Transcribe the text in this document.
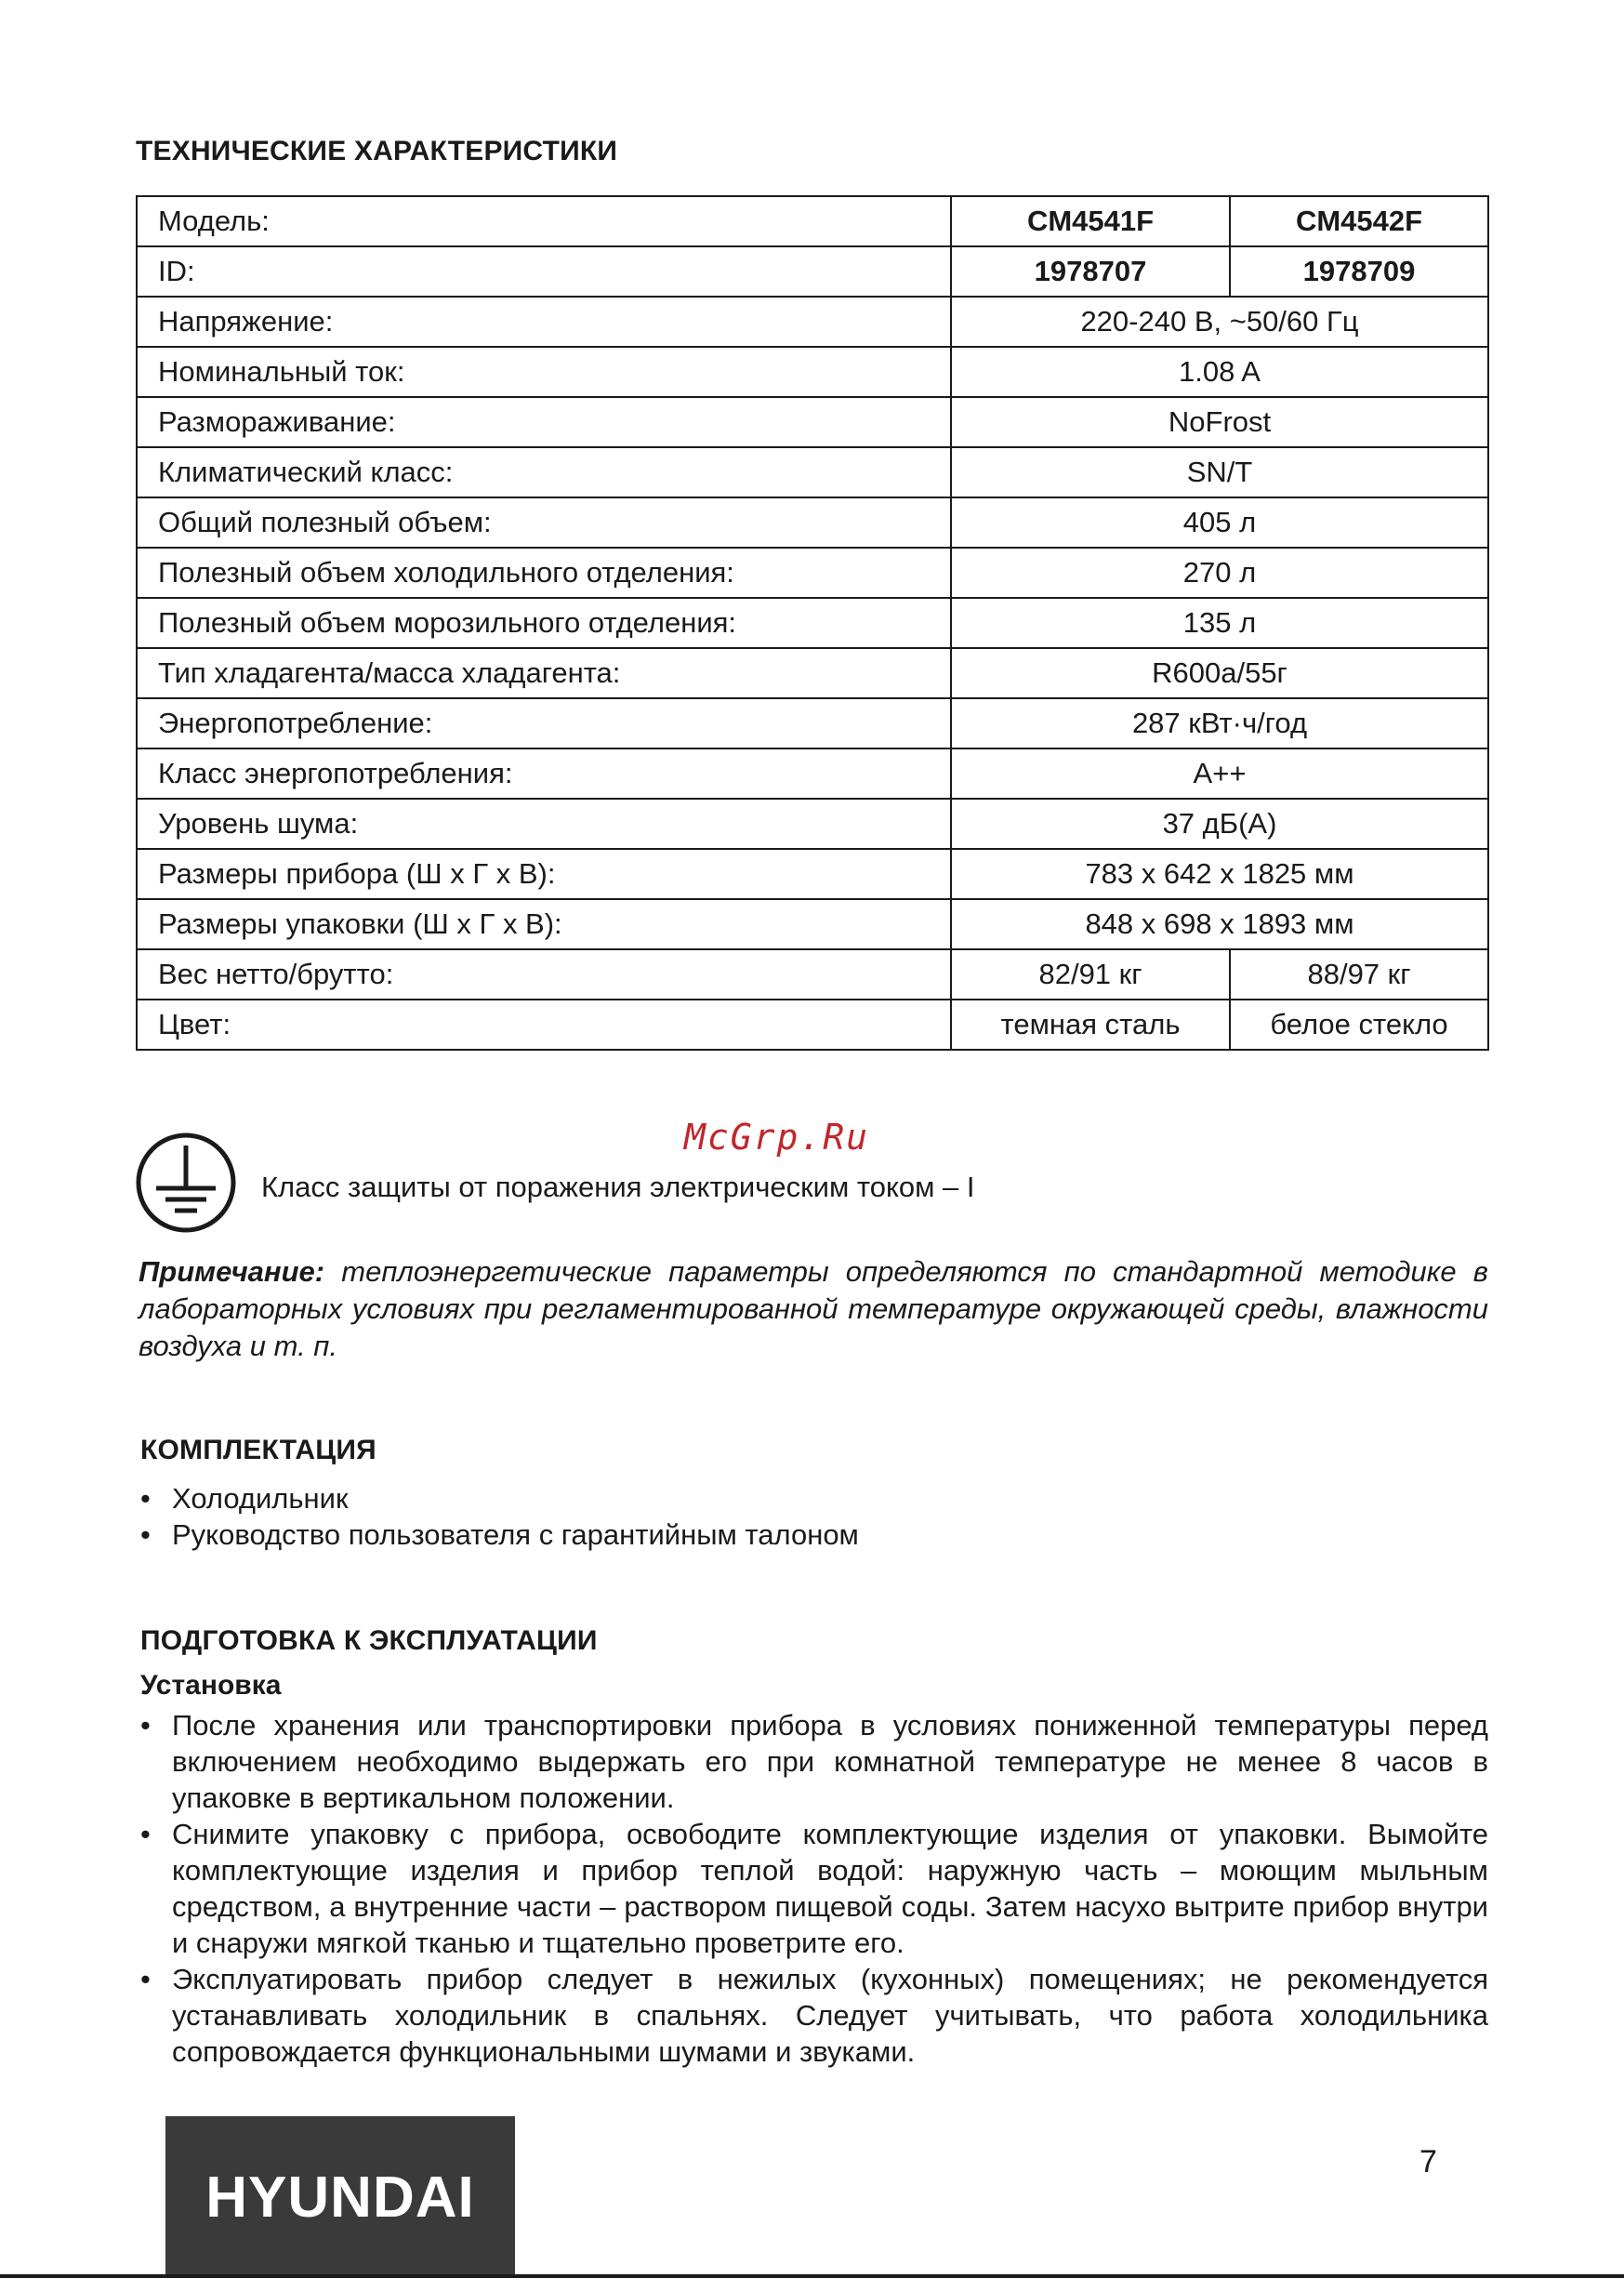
ТЕХНИЧЕСКИЕ ХАРАКТЕРИСТИКИ
Модель:	CM4541F	CM4542F
ID:	1978707	1978709
Напряжение:	220-240 В, ~50/60 Гц	
Номинальный ток:	1.08 A	
Размораживание:	NoFrost	
Климатический класс:	SN/T	
Общий полезный объем:	405 л	
Полезный объем холодильного отделения:	270 л	
Полезный объем морозильного отделения:	135 л	
Тип хладагента/масса хладагента:	R600a/55г	
Энергопотребление:	287 кВт·ч/год	
Класс энергопотребления:	А++	
Уровень шума:	37 дБ(А)	
Размеры прибора (Ш х Г х В):	783 х 642 х 1825 мм	
Размеры упаковки (Ш х Г х В):	848 х 698 х 1893 мм	
Вес нетто/брутто:	82/91 кг	88/97 кг
Цвет:	темная сталь	белое стекло
McGrp.Ru
Класс защиты от поражения электрическим током – I
Примечание: теплоэнергетические параметры определяются по стандартной методике в лабораторных условиях при регламентированной температуре окружающей среды, влажности воздуха и т. п.
КОМПЛЕКТАЦИЯ
• Холодильник
• Руководство пользователя с гарантийным талоном
ПОДГОТОВКА К ЭКСПЛУАТАЦИИ
Установка
• После хранения или транспортировки прибора в условиях пониженной температуры перед включением необходимо выдержать его при комнатной температуре не менее 8 часов в упаковке в вертикальном положении.
• Снимите упаковку с прибора, освободите комплектующие изделия от упаковки. Вымойте комплектующие изделия и прибор теплой водой: наружную часть – моющим мыльным средством, а внутренние части – раствором пищевой соды. Затем насухо вытрите прибор внутри и снаружи мягкой тканью и тщательно проветрите его.
• Эксплуатировать прибор следует в нежилых (кухонных) помещениях; не рекомендуется устанавливать холодильник в спальнях. Следует учитывать, что работа холодильника сопровождается функциональными шумами и звуками.
HYUNDAI
7
